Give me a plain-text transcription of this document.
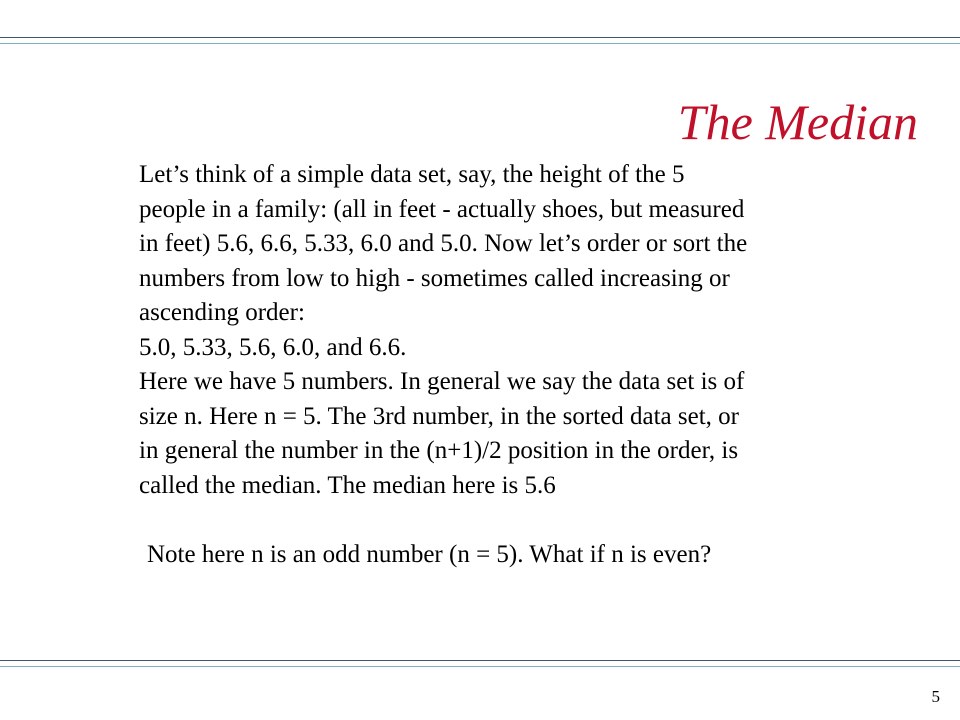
The Median
Let’s think of a simple data set, say, the height of the 5
people in a family: (all in feet - actually shoes, but measured
in feet) 5.6, 6.6, 5.33, 6.0 and 5.0. Now let’s order or sort the
numbers from low to high - sometimes called increasing or
ascending order:
5.0, 5.33, 5.6, 6.0, and 6.6.
Here we have 5 numbers. In general we say the data set is of
size n. Here n = 5. The 3rd number, in the sorted data set, or
in general the number in the (n+1)/2 position in the order, is
called the median. The median here is 5.6
Note here n is an odd number (n = 5). What if n is even?
5
